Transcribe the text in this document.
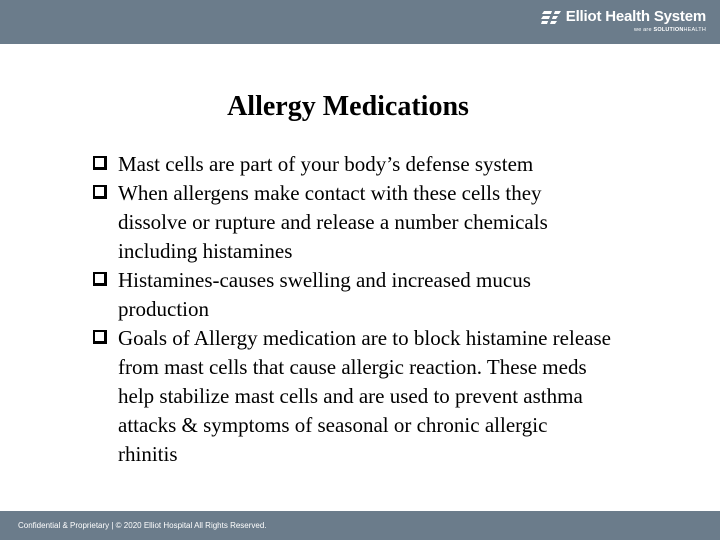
Elliot Health System
we are SOLUTIONHEALTH
Allergy Medications
Mast cells are part of your body’s defense system
When allergens make contact with these cells they dissolve or rupture and release a number chemicals including histamines
Histamines-causes swelling and increased mucus production
Goals of Allergy medication are to block histamine release from mast cells that cause allergic reaction. These meds help stabilize mast cells and are used to prevent asthma attacks & symptoms of seasonal or chronic allergic rhinitis
Confidential & Proprietary | © 2020 Elliot Hospital All Rights Reserved.
